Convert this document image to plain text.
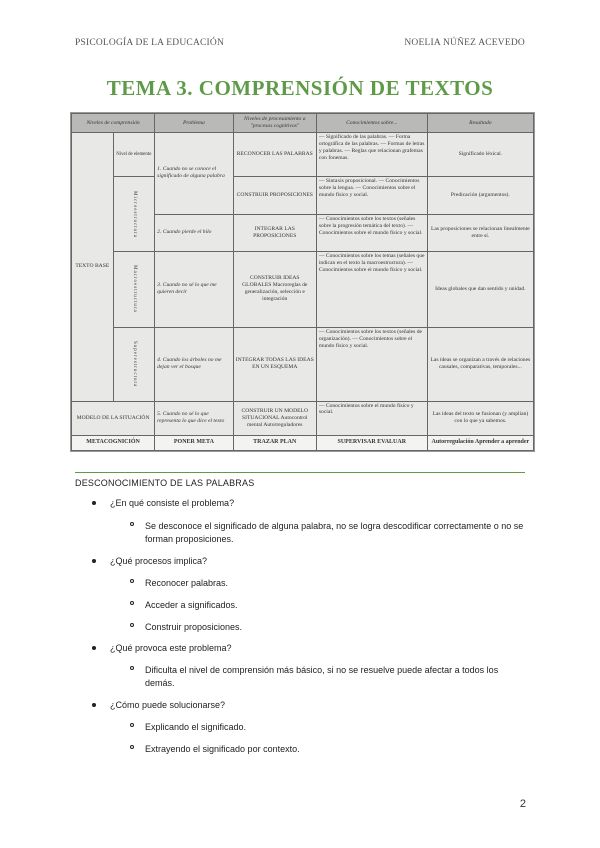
PSICOLOGÍA DE LA EDUCACIÓN	NOELIA NÚÑEZ ACEVEDO
TEMA 3. COMPRENSIÓN DE TEXTOS
Niveles de comprensión		Problema	Niveles de procesamiento a "procesos cognitivos"	Conocimientos sobre...	Resultado
TEXTO BASE	Nivel de elemento	1. Cuando no se conoce el significado de alguna palabra	RECONOCER LAS PALABRAS	— Significado de las palabras. — Forma ortográfica de las palabras. — Formas de letras y palabras. — Reglas que relacionan grafemas con fonemas.	Significado léxical.
	Microestructura		CONSTRUIR PROPOSICIONES	— Sintaxis proposicional. — Conocimientos sobre la lengua. — Conocimientos sobre el mundo físico y social.	Predicación (argumentos).
		2. Cuando pierde el hilo	INTEGRAR LAS PROPOSICIONES	— Conocimientos sobre los textos (señales sobre la progresión temática del texto). — Conocimientos sobre el mundo físico y social.	Las proposiciones se relacionan linealmente entre sí.
	Macroestructura	3. Cuando no sé lo que me quieren decir	CONSTRUIR IDEAS GLOBALES Macroreglas de generalización, selección e integración	— Conocimientos sobre los temas (señales que indican en el texto la macroestructura). — Conocimientos sobre el mundo físico y social.	Ideas globales que dan sentido y unidad.
	Superestructura	4. Cuando los árboles no me dejan ver el bosque	INTEGRAR TODAS LAS IDEAS EN UN ESQUEMA	— Conocimientos sobre los textos (señales de organización). — Conocimientos sobre el mundo físico y social.	Las ideas se organizan a través de relaciones causales, comparativas, temporales...

MODELO DE LA SITUACIÓN		5. Cuando no sé lo que representa lo que dice el texto	CONSTRUIR UN MODELO SITUACIONAL Autocontrol mental Autorreguladores	— Conocimientos sobre el mundo físico y social.	Las ideas del texto se fusionan (y amplían) con lo que ya sabemos.
METACOGNICIÓN		PONER META	TRAZAR PLAN	SUPERVISAR EVALUAR	Autorregulación Aprender a aprender
DESCONOCIMIENTO DE LAS PALABRAS
¿En qué consiste el problema?
Se desconoce el significado de alguna palabra, no se logra descodificar correctamente o no se forman proposiciones.
¿Qué procesos implica?
Reconocer palabras.
Acceder a significados.
Construir proposiciones.
¿Qué provoca este problema?
Dificulta el nivel de comprensión más básico, si no se resuelve puede afectar a todos los demás.
¿Cómo puede solucionarse?
Explicando el significado.
Extrayendo el significado por contexto.
2
